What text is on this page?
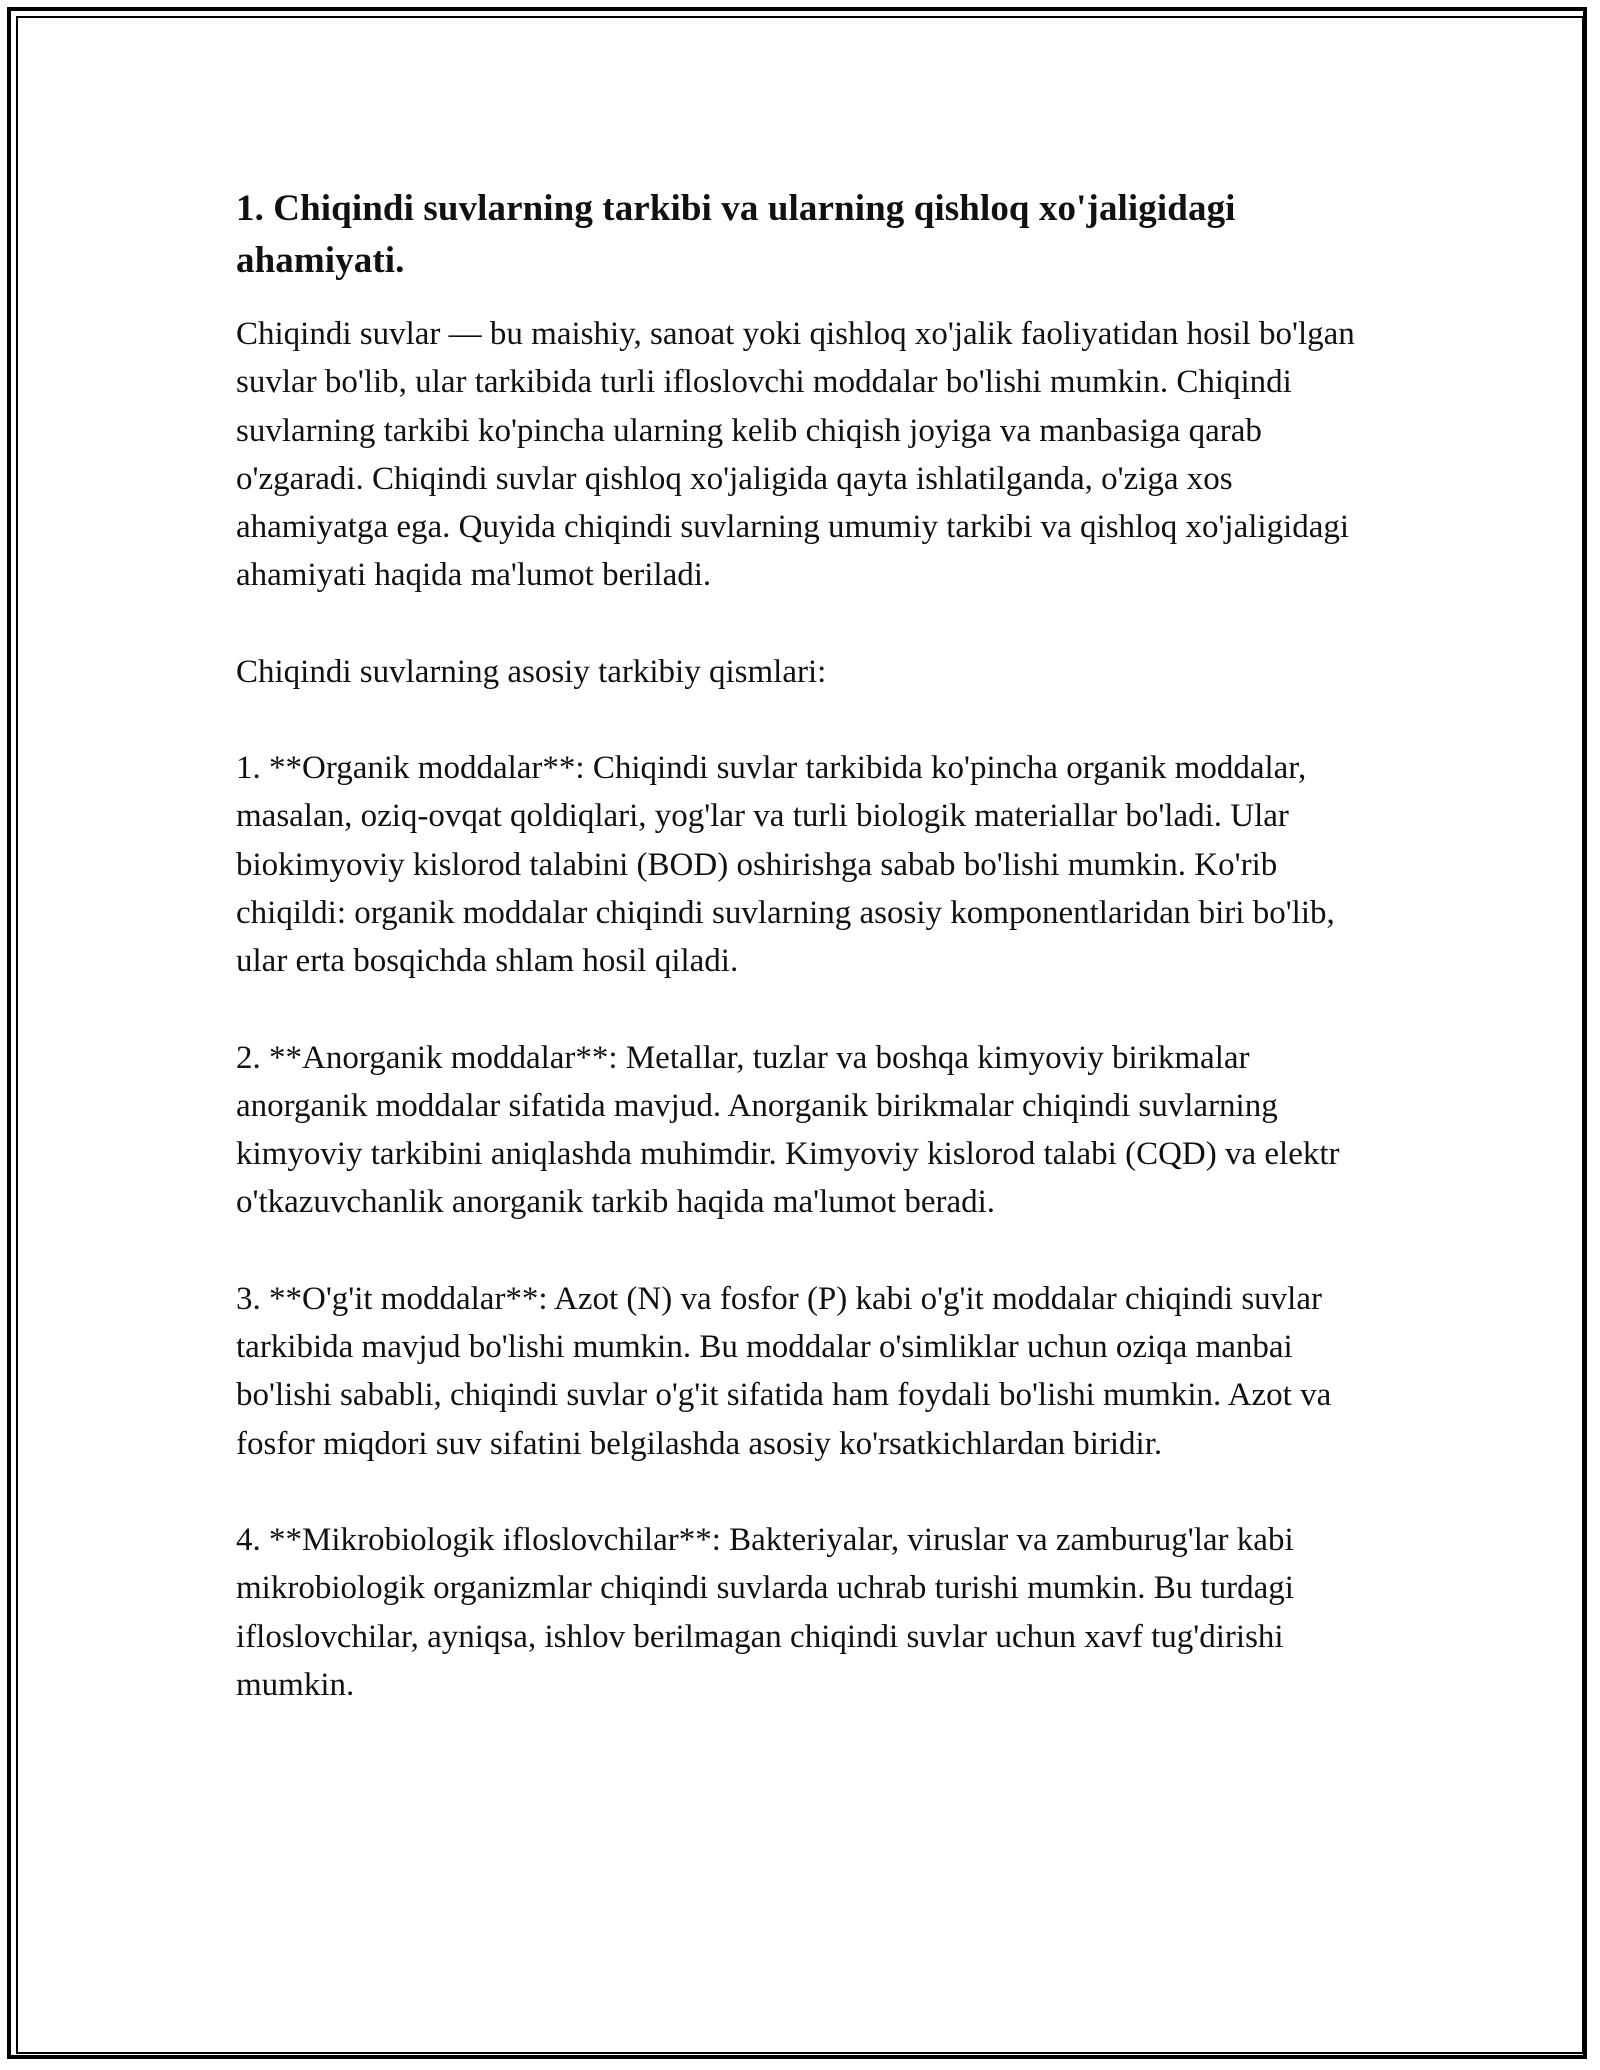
1. Chiqindi suvlarning tarkibi va ularning qishloq xo'jaligidagi ahamiyati.

Chiqindi suvlar — bu maishiy, sanoat yoki qishloq xo'jalik faoliyatidan hosil bo'lgan suvlar bo'lib, ular tarkibida turli ifloslovchi moddalar bo'lishi mumkin. Chiqindi suvlarning tarkibi ko'pincha ularning kelib chiqish joyiga va manbasiga qarab o'zgaradi. Chiqindi suvlar qishloq xo'jaligida qayta ishlatilganda, o'ziga xos ahamiyatga ega. Quyida chiqindi suvlarning umumiy tarkibi va qishloq xo'jaligidagi ahamiyati haqida ma'lumot beriladi.

Chiqindi suvlarning asosiy tarkibiy qismlari:

1. **Organik moddalar**: Chiqindi suvlar tarkibida ko'pincha organik moddalar, masalan, oziq-ovqat qoldiqlari, yog'lar va turli biologik materiallar bo'ladi. Ular biokimyoviy kislorod talabini (BOD) oshirishga sabab bo'lishi mumkin. Ko'rib chiqildi: organik moddalar chiqindi suvlarning asosiy komponentlaridan biri bo'lib, ular erta bosqichda shlam hosil qiladi.

2. **Anorganik moddalar**: Metallar, tuzlar va boshqa kimyoviy birikmalar anorganik moddalar sifatida mavjud. Anorganik birikmalar chiqindi suvlarning kimyoviy tarkibini aniqlashda muhimdir. Kimyoviy kislorod talabi (CQD) va elektr o'tkazuvchanlik anorganik tarkib haqida ma'lumot beradi.

3. **O'g'it moddalar**: Azot (N) va fosfor (P) kabi o'g'it moddalar chiqindi suvlar tarkibida mavjud bo'lishi mumkin. Bu moddalar o'simliklar uchun oziqa manbai bo'lishi sababli, chiqindi suvlar o'g'it sifatida ham foydali bo'lishi mumkin. Azot va fosfor miqdori suv sifatini belgilashda asosiy ko'rsatkichlardan biridir.

4. **Mikrobiologik ifloslovchilar**: Bakteriyalar, viruslar va zamburug'lar kabi mikrobiologik organizmlar chiqindi suvlarda uchrab turishi mumkin. Bu turdagi ifloslovchilar, ayniqsa, ishlov berilmagan chiqindi suvlar uchun xavf tug'dirishi mumkin.
